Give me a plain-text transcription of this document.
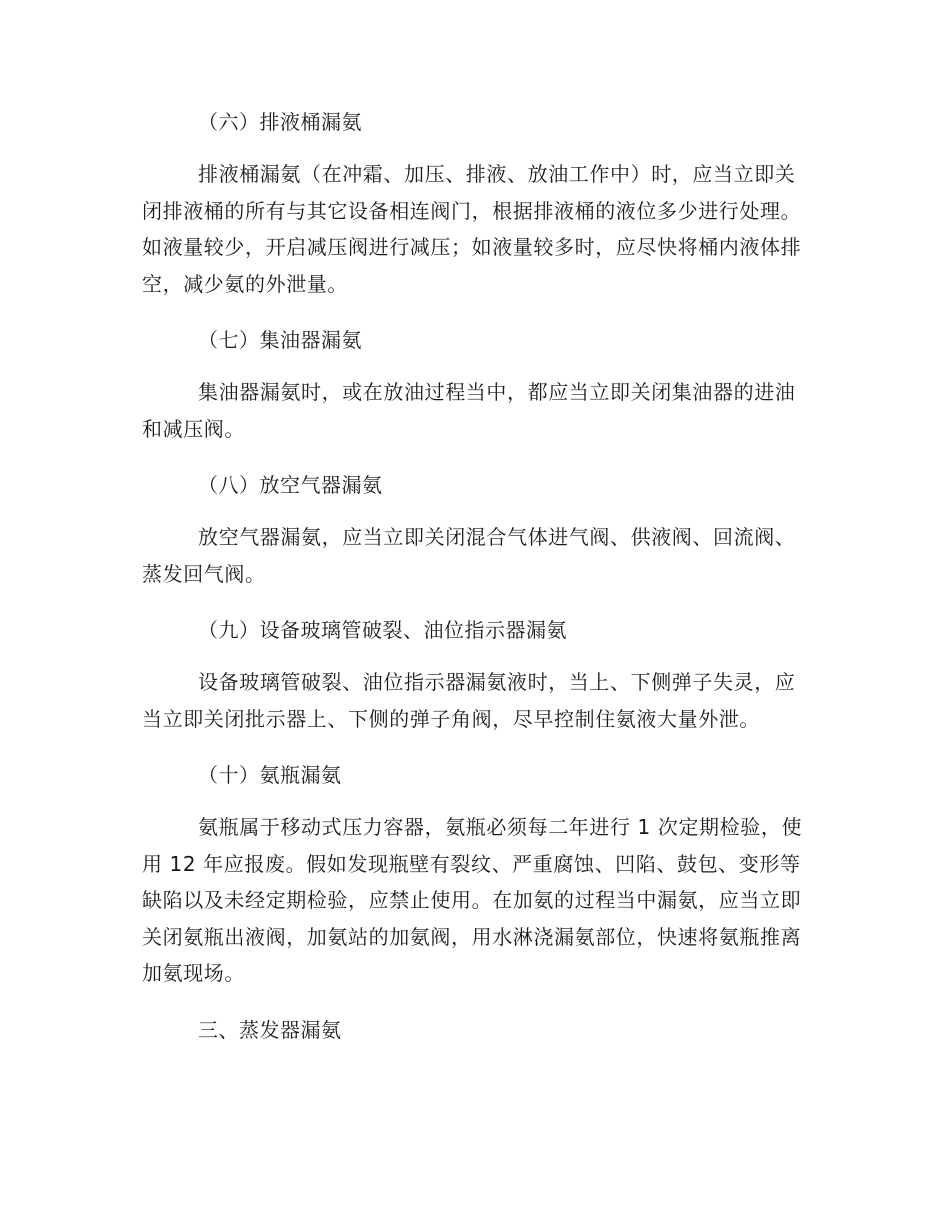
（六）排液桶漏氨
排液桶漏氨（在冲霜、加压、排液、放油工作中）时，应当立即关闭排液桶的所有与其它设备相连阀门，根据排液桶的液位多少进行处理。如液量较少，开启减压阀进行减压；如液量较多时，应尽快将桶内液体排空，减少氨的外泄量。
（七）集油器漏氨
集油器漏氨时，或在放油过程当中，都应当立即关闭集油器的进油和减压阀。
（八）放空气器漏氨
放空气器漏氨，应当立即关闭混合气体进气阀、供液阀、回流阀、蒸发回气阀。
（九）设备玻璃管破裂、油位指示器漏氨
设备玻璃管破裂、油位指示器漏氨液时，当上、下侧弹子失灵，应当立即关闭批示器上、下侧的弹子角阀，尽早控制住氨液大量外泄。
（十）氨瓶漏氨
氨瓶属于移动式压力容器，氨瓶必须每二年进行 1 次定期检验，使用 12 年应报废。假如发现瓶壁有裂纹、严重腐蚀、凹陷、鼓包、变形等缺陷以及未经定期检验，应禁止使用。在加氨的过程当中漏氨，应当立即关闭氨瓶出液阀，加氨站的加氨阀，用水淋浇漏氨部位，快速将氨瓶推离加氨现场。
三、蒸发器漏氨
